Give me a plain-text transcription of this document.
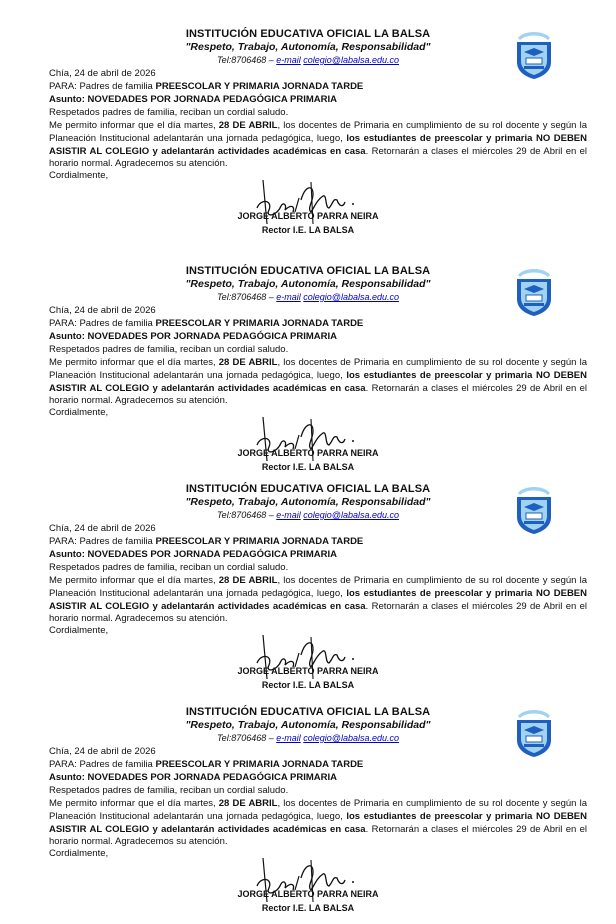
INSTITUCIÓN EDUCATIVA OFICIAL LA BALSA
"Respeto, Trabajo, Autonomía, Responsabilidad"
Tel:8706468 – e-mail colegio@labalsa.edu.co
Chía, 24 de abril de 2026
PARA: Padres de familia PREESCOLAR Y PRIMARIA JORNADA TARDE
Asunto: NOVEDADES POR JORNADA PEDAGÓGICA PRIMARIA
Respetados padres de familia, reciban un cordial saludo.
Me permito informar que el día martes, 28 DE ABRIL, los docentes de Primaria en cumplimiento de su rol docente y según la Planeación Institucional adelantarán una jornada pedagógica, luego, los estudiantes de preescolar y primaria NO DEBEN ASISTIR AL COLEGIO y adelantarán actividades académicas en casa. Retornarán a clases el miércoles 29 de Abril en el horario normal. Agradecemos su atención.
Cordialmente,
JORGE ALBERTO PARRA NEIRA
Rector I.E. LA BALSA
INSTITUCIÓN EDUCATIVA OFICIAL LA BALSA
"Respeto, Trabajo, Autonomía, Responsabilidad"
Tel:8706468 – e-mail colegio@labalsa.edu.co
Chía, 24 de abril de 2026
PARA: Padres de familia PREESCOLAR Y PRIMARIA JORNADA TARDE
Asunto: NOVEDADES POR JORNADA PEDAGÓGICA PRIMARIA
Respetados padres de familia, reciban un cordial saludo.
Me permito informar que el día martes, 28 DE ABRIL, los docentes de Primaria en cumplimiento de su rol docente y según la Planeación Institucional adelantarán una jornada pedagógica, luego, los estudiantes de preescolar y primaria NO DEBEN ASISTIR AL COLEGIO y adelantarán actividades académicas en casa. Retornarán a clases el miércoles 29 de Abril en el horario normal. Agradecemos su atención.
Cordialmente,
JORGE ALBERTO PARRA NEIRA
Rector I.E. LA BALSA
INSTITUCIÓN EDUCATIVA OFICIAL LA BALSA
"Respeto, Trabajo, Autonomía, Responsabilidad"
Tel:8706468 – e-mail colegio@labalsa.edu.co
Chía, 24 de abril de 2026
PARA: Padres de familia PREESCOLAR Y PRIMARIA JORNADA TARDE
Asunto: NOVEDADES POR JORNADA PEDAGÓGICA PRIMARIA
Respetados padres de familia, reciban un cordial saludo.
Me permito informar que el día martes, 28 DE ABRIL, los docentes de Primaria en cumplimiento de su rol docente y según la Planeación Institucional adelantarán una jornada pedagógica, luego, los estudiantes de preescolar y primaria NO DEBEN ASISTIR AL COLEGIO y adelantarán actividades académicas en casa. Retornarán a clases el miércoles 29 de Abril en el horario normal. Agradecemos su atención.
Cordialmente,
JORGE ALBERTO PARRA NEIRA
Rector I.E. LA BALSA
INSTITUCIÓN EDUCATIVA OFICIAL LA BALSA
"Respeto, Trabajo, Autonomía, Responsabilidad"
Tel:8706468 – e-mail colegio@labalsa.edu.co
Chía, 24 de abril de 2026
PARA: Padres de familia PREESCOLAR Y PRIMARIA JORNADA TARDE
Asunto: NOVEDADES POR JORNADA PEDAGÓGICA PRIMARIA
Respetados padres de familia, reciban un cordial saludo.
Me permito informar que el día martes, 28 DE ABRIL, los docentes de Primaria en cumplimiento de su rol docente y según la Planeación Institucional adelantarán una jornada pedagógica, luego, los estudiantes de preescolar y primaria NO DEBEN ASISTIR AL COLEGIO y adelantarán actividades académicas en casa. Retornarán a clases el miércoles 29 de Abril en el horario normal. Agradecemos su atención.
Cordialmente,
JORGE ALBERTO PARRA NEIRA
Rector I.E. LA BALSA
